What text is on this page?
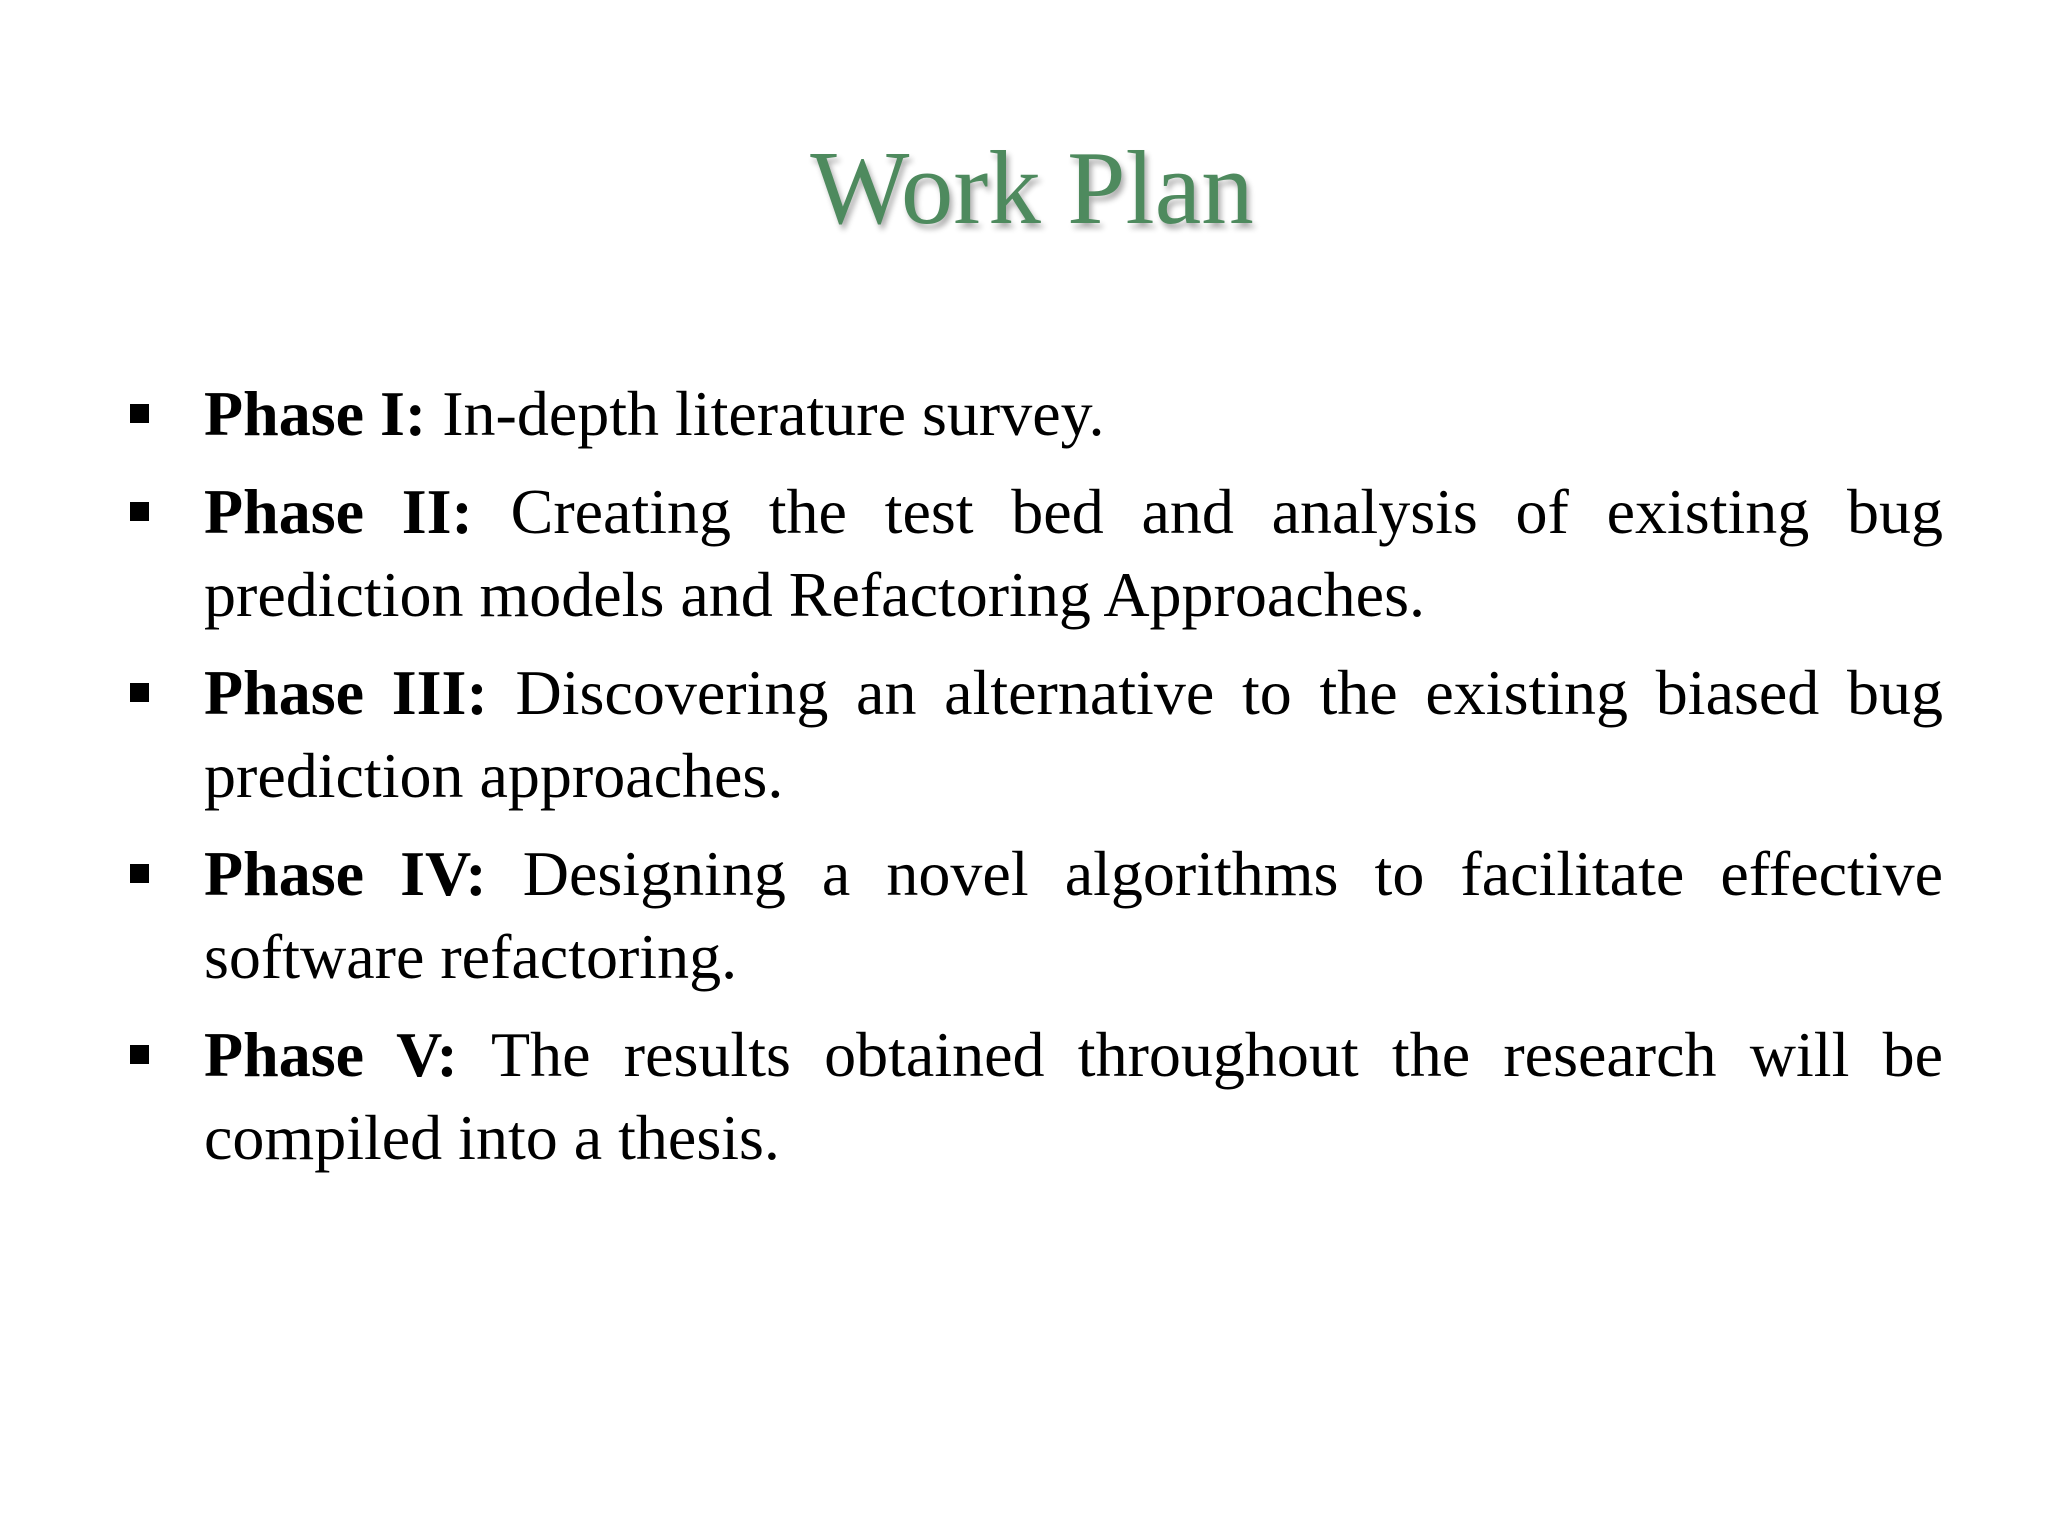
Work Plan
Phase I: In-depth literature survey.
Phase II: Creating the test bed and analysis of existing bug prediction models and Refactoring Approaches.
Phase III: Discovering an alternative to the existing biased bug prediction approaches.
Phase IV: Designing a novel algorithms to facilitate effective software refactoring.
Phase V: The results obtained throughout the research will be compiled into a thesis.
